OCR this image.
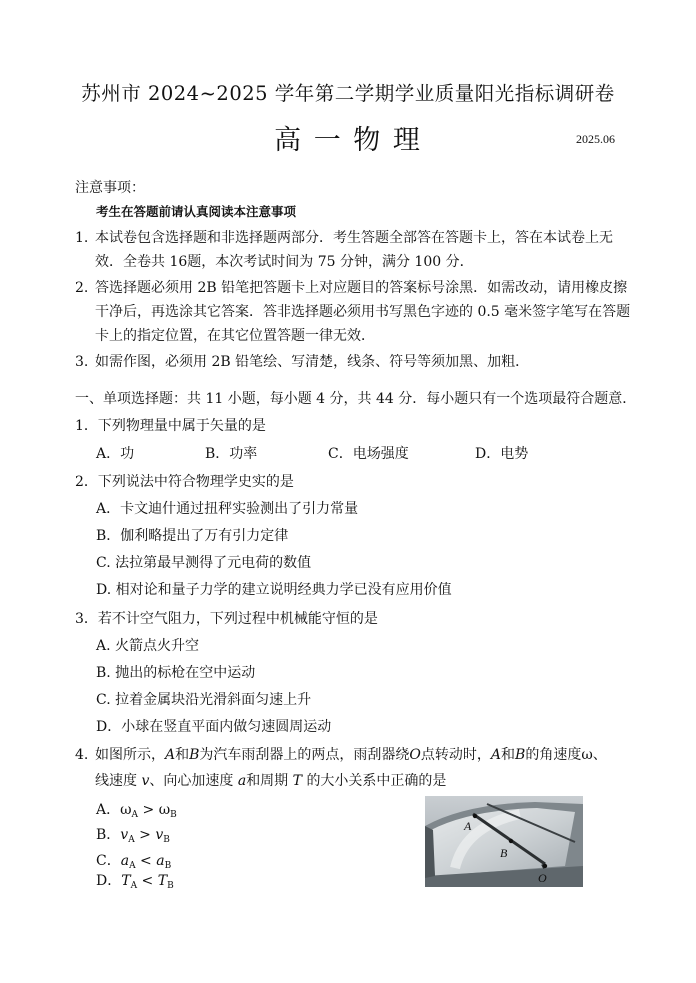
苏州市 2024~2025 学年第二学期学业质量阳光指标调研卷
高 一 物 理	2025.06
注意事项：
考生在答题前请认真阅读本注意事项
1. 本试卷包含选择题和非选择题两部分．考生答题全部答在答题卡上，答在本试卷上无
效．全卷共 16题，本次考试时间为 75 分钟，满分 100 分．
2. 答选择题必须用 2B 铅笔把答题卡上对应题目的答案标号涂黑．如需改动，请用橡皮擦
干净后，再选涂其它答案．答非选择题必须用书写黑色字迹的 0.5 毫米签字笔写在答题
卡上的指定位置，在其它位置答题一律无效．
3. 如需作图，必须用 2B 铅笔绘、写清楚，线条、符号等须加黑、加粗．
一、单项选择题：共 11 小题，每小题 4 分，共 44 分．每小题只有一个选项最符合题意．
1．下列物理量中属于矢量的是
A．功	B．功率	C．电场强度	D．电势
2．下列说法中符合物理学史实的是
A．卡文迪什通过扭秤实验测出了引力常量
B．伽利略提出了万有引力定律
C. 法拉第最早测得了元电荷的数值
D. 相对论和量子力学的建立说明经典力学已没有应用价值
3．若不计空气阻力，下列过程中机械能守恒的是
A. 火箭点火升空
B. 抛出的标枪在空中运动
C. 拉着金属块沿光滑斜面匀速上升
D．小球在竖直平面内做匀速圆周运动
4. 如图所示，A和B为汽车雨刮器上的两点，雨刮器绕O点转动时，A和B的角速度ω、
线速度 v、向心加速度 a和周期 T 的大小关系中正确的是
A．$\omega_A > \omega_B$
B．$v_A > v_B$
C．$a_A < a_B$
D．$T_A < T_B$
A
B
O
